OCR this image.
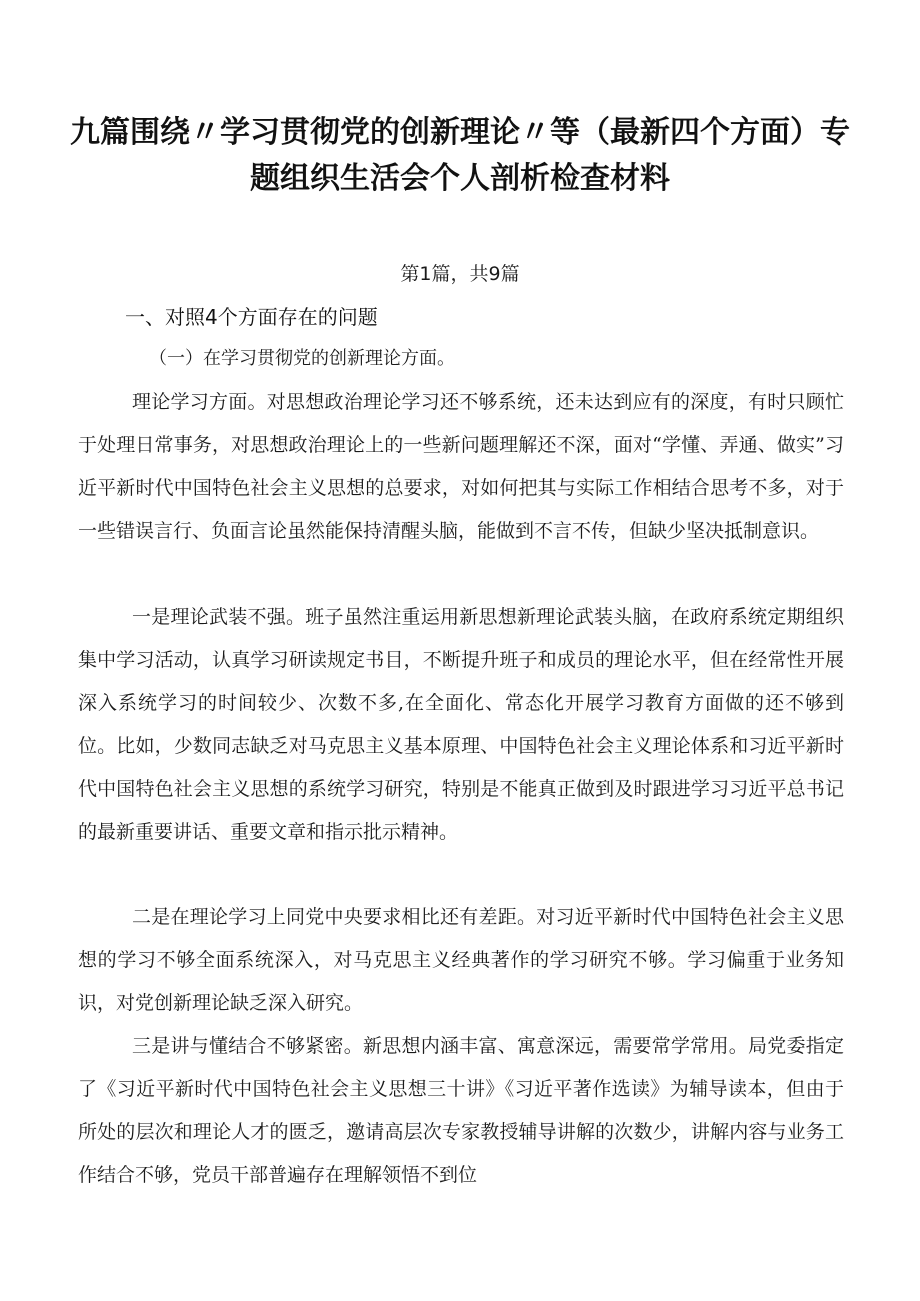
九篇围绕〃学习贯彻党的创新理论〃等（最新四个方面）专题组织生活会个人剖析检查材料
第1篇，共9篇
一、对照4个方面存在的问题
（一）在学习贯彻党的创新理论方面。

理论学习方面。对思想政治理论学习还不够系统，还未达到应有的深度，有时只顾忙于处理日常事务，对思想政治理论上的一些新问题理解还不深，面对“学懂、弄通、做实”习近平新时代中国特色社会主义思想的总要求，对如何把其与实际工作相结合思考不多，对于一些错误言行、负面言论虽然能保持清醒头脑，能做到不言不传，但缺少坚决抵制意识。

一是理论武装不强。班子虽然注重运用新思想新理论武装头脑，在政府系统定期组织集中学习活动，认真学习研读规定书目，不断提升班子和成员的理论水平，但在经常性开展深入系统学习的时间较少、次数不多,在全面化、常态化开展学习教育方面做的还不够到位。比如，少数同志缺乏对马克思主义基本原理、中国特色社会主义理论体系和习近平新时代中国特色社会主义思想的系统学习研究，特别是不能真正做到及时跟进学习习近平总书记的最新重要讲话、重要文章和指示批示精神。

二是在理论学习上同党中央要求相比还有差距。对习近平新时代中国特色社会主义思想的学习不够全面系统深入，对马克思主义经典著作的学习研究不够。学习偏重于业务知识，对党创新理论缺乏深入研究。

三是讲与懂结合不够紧密。新思想内涵丰富、寓意深远，需要常学常用。局党委指定了《习近平新时代中国特色社会主义思想三十讲》《习近平著作选读》为辅导读本，但由于所处的层次和理论人才的匮乏，邀请高层次专家教授辅导讲解的次数少，讲解内容与业务工作结合不够，党员干部普遍存在理解领悟不到位
